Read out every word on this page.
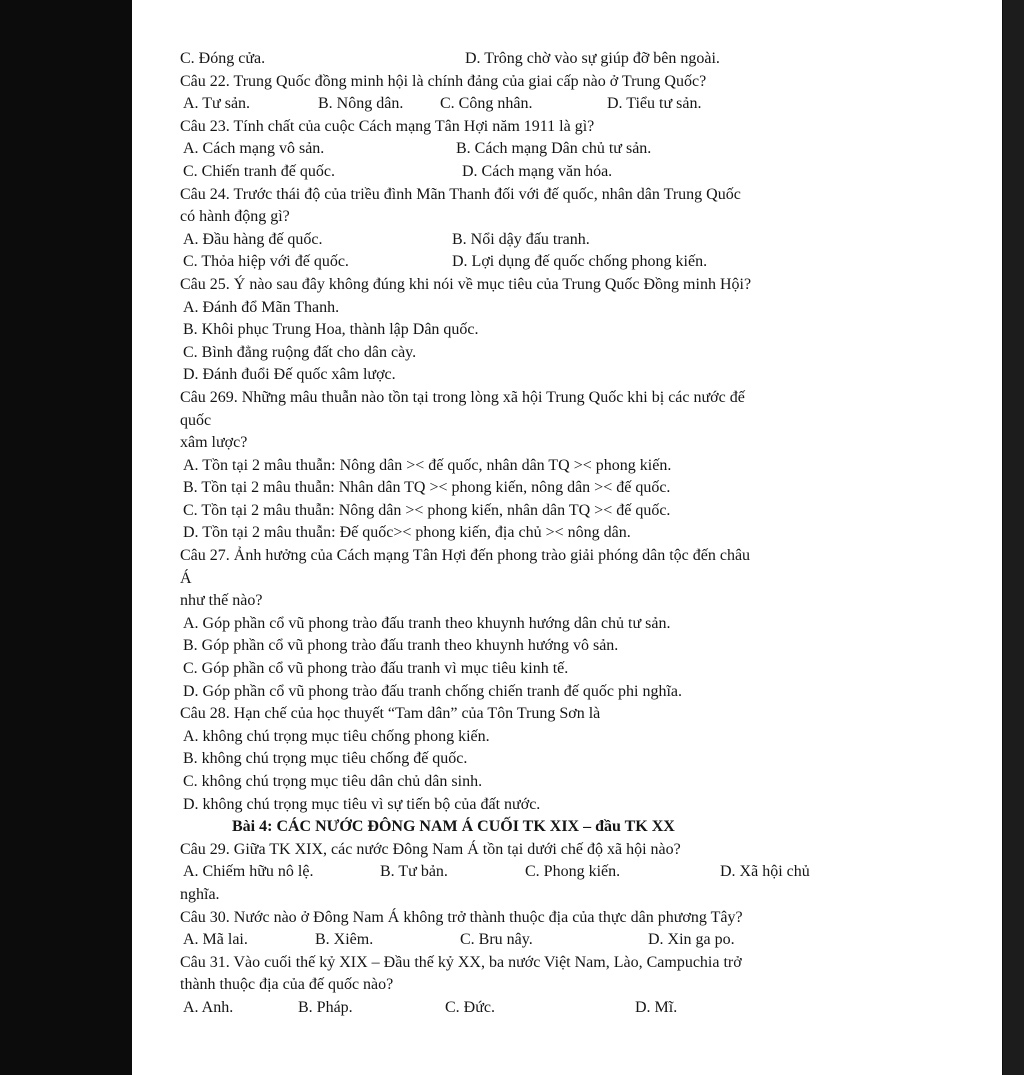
C. Đóng cửa.	D. Trông chờ vào sự giúp đỡ bên ngoài.
Câu 22. Trung Quốc đồng minh hội là chính đảng của giai cấp nào ở Trung Quốc?
A. Tư sản.	B. Nông dân. C. Công nhân.	D. Tiểu tư sản.
Câu 23. Tính chất của cuộc Cách mạng Tân Hợi năm 1911 là gì?
A. Cách mạng vô sản.	B. Cách mạng Dân chủ tư sản.
C. Chiến tranh đế quốc.	D. Cách mạng văn hóa.
Câu 24. Trước thái độ của triều đình Mãn Thanh đối với đế quốc, nhân dân Trung Quốc
có hành động gì?
A. Đầu hàng đế quốc.	B. Nổi dậy đấu tranh.
C. Thỏa hiệp với đế quốc.	D. Lợi dụng đế quốc chống phong kiến.
Câu 25. Ý nào sau đây không đúng khi nói về mục tiêu của Trung Quốc Đồng minh Hội?
A. Đánh đổ Mãn Thanh.
B. Khôi phục Trung Hoa, thành lập Dân quốc.
C. Bình đẳng ruộng đất cho dân cày.
D. Đánh đuổi Đế quốc xâm lược.
Câu 269. Những mâu thuẫn nào tồn tại trong lòng xã hội Trung Quốc khi bị các nước đế
quốc
xâm lược?
A. Tồn tại 2 mâu thuẫn: Nông dân >< đế quốc, nhân dân TQ >< phong kiến.
B. Tồn tại 2 mâu thuẫn: Nhân dân TQ >< phong kiến, nông dân >< đế quốc.
C. Tồn tại 2 mâu thuẫn: Nông dân >< phong kiến, nhân dân TQ >< đế quốc.
D. Tồn tại 2 mâu thuẫn: Đế quốc>< phong kiến, địa chủ >< nông dân.
Câu 27. Ảnh hưởng của Cách mạng Tân Hợi đến phong trào giải phóng dân tộc đến châu
Á
như thế nào?
A. Góp phần cổ vũ phong trào đấu tranh theo khuynh hướng dân chủ tư sản.
B. Góp phần cổ vũ phong trào đấu tranh theo khuynh hướng vô sản.
C. Góp phần cổ vũ phong trào đấu tranh vì mục tiêu kinh tế.
D. Góp phần cổ vũ phong trào đấu tranh chống chiến tranh đế quốc phi nghĩa.
Câu 28. Hạn chế của học thuyết “Tam dân” của Tôn Trung Sơn là
A. không chú trọng mục tiêu chống phong kiến.
B. không chú trọng mục tiêu chống đế quốc.
C. không chú trọng mục tiêu dân chủ dân sinh.
D. không chú trọng mục tiêu vì sự tiến bộ của đất nước.
Bài 4: CÁC NƯỚC ĐÔNG NAM Á CUỐI TK XIX – đầu TK XX
Câu 29. Giữa TK XIX, các nước Đông Nam Á tồn tại dưới chế độ xã hội nào?
A. Chiếm hữu nô lệ.	B. Tư bản.	C. Phong kiến.	D. Xã hội chủ
nghĩa.
Câu 30. Nước nào ở Đông Nam Á không trở thành thuộc địa của thực dân phương Tây?
A. Mã lai.	B. Xiêm.	C. Bru nây.	D. Xin ga po.
Câu 31. Vào cuối thế kỷ XIX – Đầu thế kỷ XX, ba nước Việt Nam, Lào, Campuchia trở
thành thuộc địa của đế quốc nào?
A. Anh.	B. Pháp.	C. Đức.	D. Mĩ.
